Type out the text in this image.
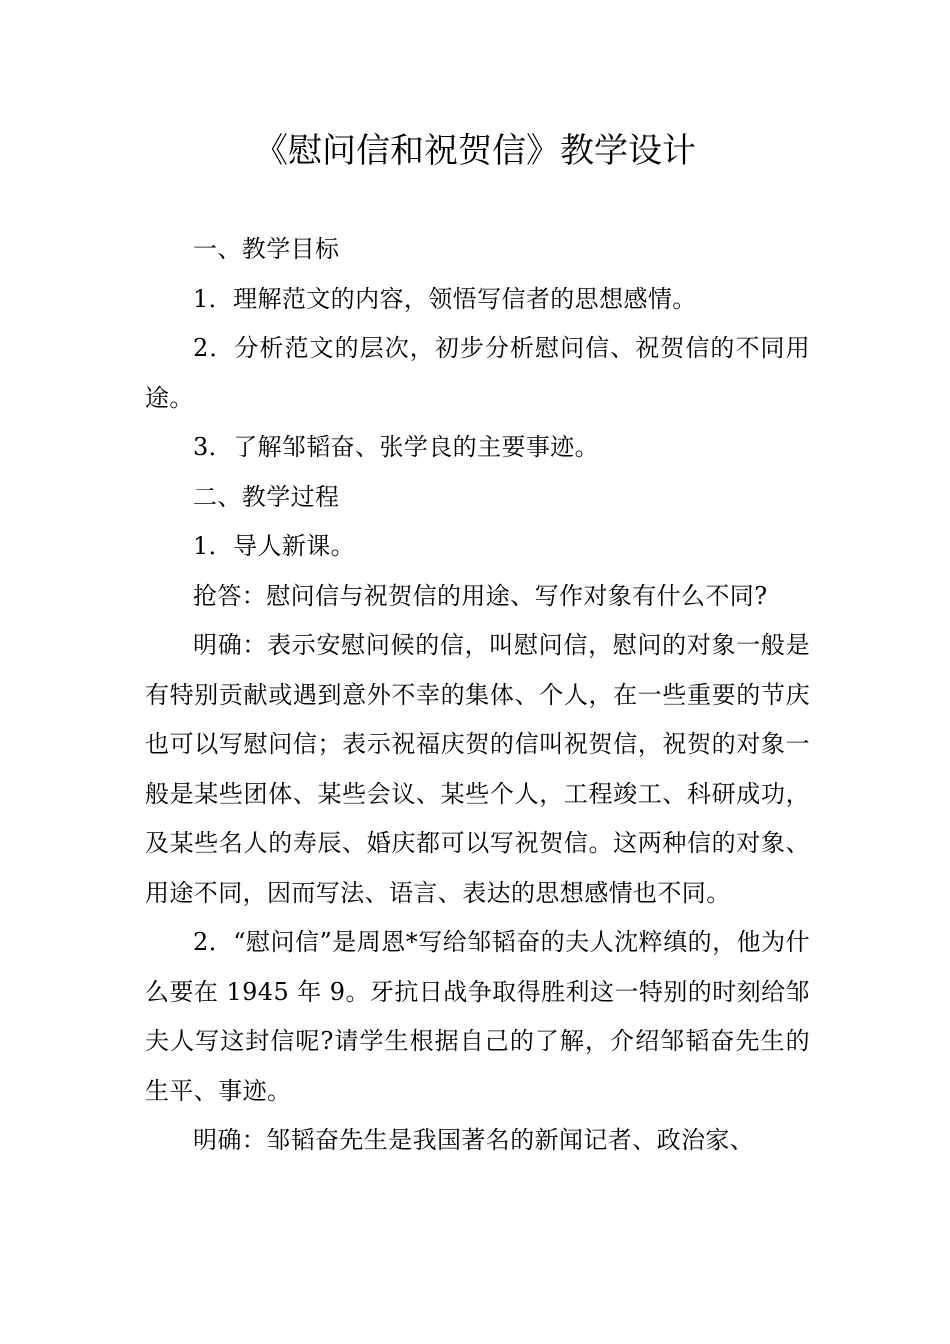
《慰问信和祝贺信》教学设计

一、教学目标

1．理解范文的内容，领悟写信者的思想感情。

2．分析范文的层次，初步分析慰问信、祝贺信的不同用途。

3．了解邹韬奋、张学良的主要事迹。

二、教学过程

1．导人新课。

抢答：慰问信与祝贺信的用途、写作对象有什么不同?

明确：表示安慰问候的信，叫慰问信，慰问的对象一般是有特别贡献或遇到意外不幸的集体、个人，在一些重要的节庆也可以写慰问信；表示祝福庆贺的信叫祝贺信，祝贺的对象一般是某些团体、某些会议、某些个人，工程竣工、科研成功，及某些名人的寿辰、婚庆都可以写祝贺信。这两种信的对象、用途不同，因而写法、语言、表达的思想感情也不同。

2．“慰问信”是周恩*写给邹韬奋的夫人沈粹缜的，他为什么要在 1945 年 9。牙抗日战争取得胜利这一特别的时刻给邹夫人写这封信呢?请学生根据自己的了解，介绍邹韬奋先生的生平、事迹。

明确：邹韬奋先生是我国著名的新闻记者、政治家、
